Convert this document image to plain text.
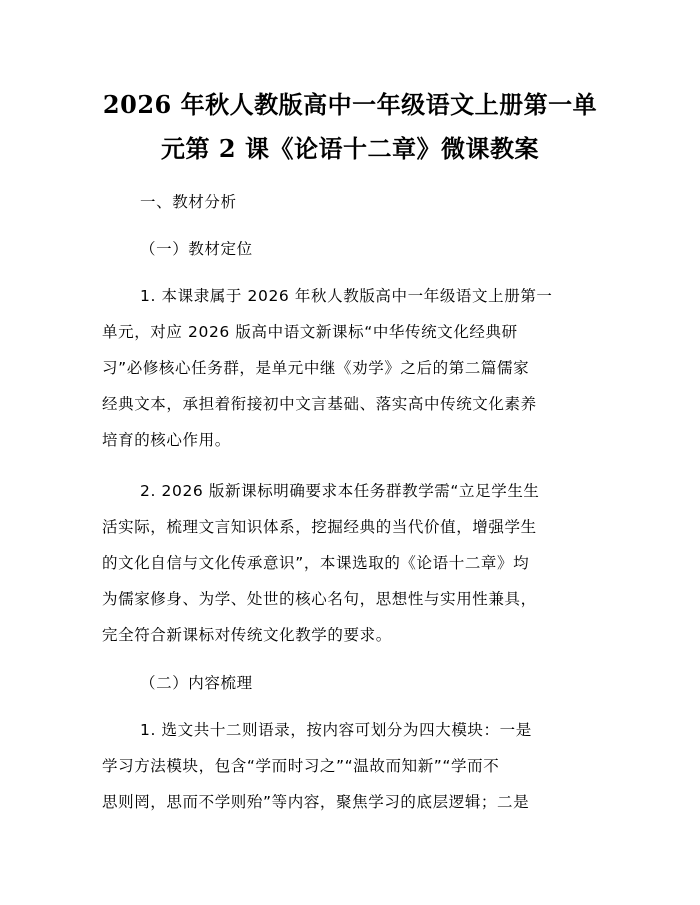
2026 年秋人教版高中一年级语文上册第一单
元第 2 课《论语十二章》微课教案
一、教材分析
（一）教材定位
1. 本课隶属于 2026 年秋人教版高中一年级语文上册第一
单元，对应 2026 版高中语文新课标“中华传统文化经典研
习”必修核心任务群，是单元中继《劝学》之后的第二篇儒家
经典文本，承担着衔接初中文言基础、落实高中传统文化素养
培育的核心作用。
2. 2026 版新课标明确要求本任务群教学需“立足学生生
活实际，梳理文言知识体系，挖掘经典的当代价值，增强学生
的文化自信与文化传承意识”，本课选取的《论语十二章》均
为儒家修身、为学、处世的核心名句，思想性与实用性兼具，
完全符合新课标对传统文化教学的要求。
（二）内容梳理
1. 选文共十二则语录，按内容可划分为四大模块：一是
学习方法模块，包含“学而时习之”“温故而知新”“学而不
思则罔，思而不学则殆”等内容，聚焦学习的底层逻辑；二是
